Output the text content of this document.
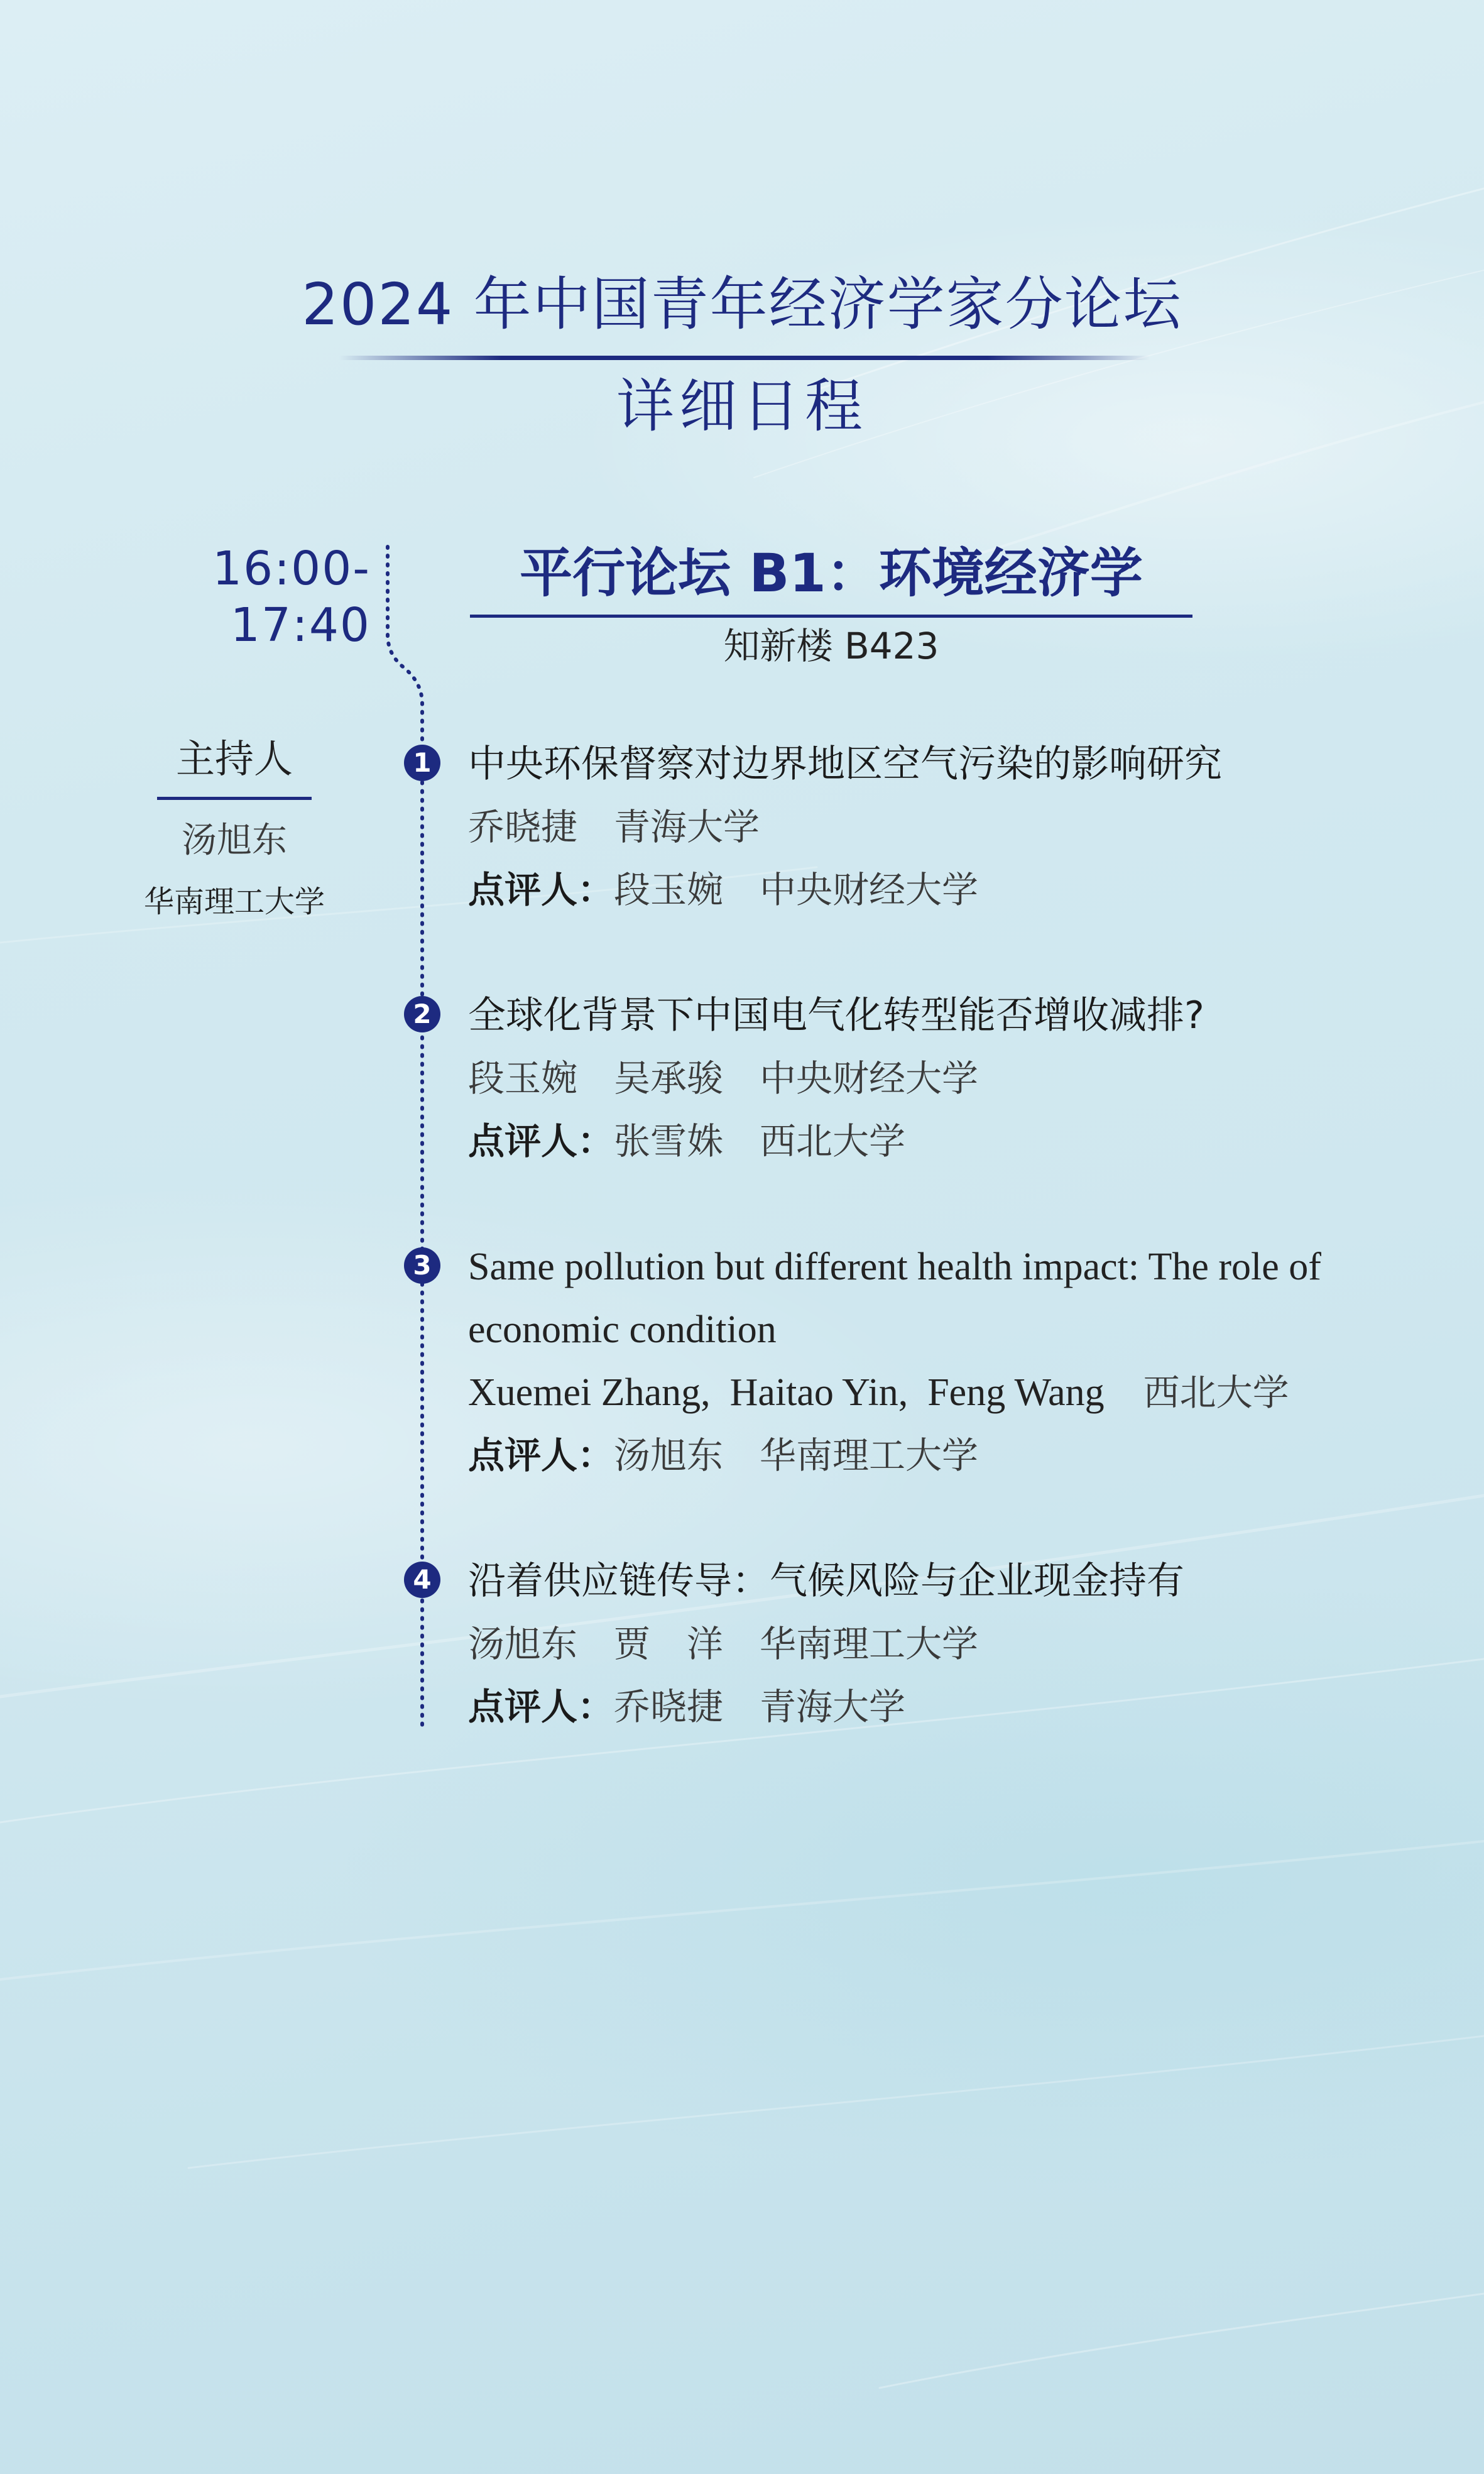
2024 年中国青年经济学家分论坛
详细日程
16:00-17:40
平行论坛 B1：环境经济学
知新楼 B423
主持人
汤旭东
华南理工大学
1 中央环保督察对边界地区空气污染的影响研究
乔晓捷　青海大学
点评人：段玉婉　中央财经大学
2 全球化背景下中国电气化转型能否增收减排?
段玉婉　吴承骏　中央财经大学
点评人：张雪姝　西北大学
3 Same pollution but different health impact: The role of
economic condition
Xuemei Zhang,  Haitao Yin,  Feng Wang 西北大学
点评人：汤旭东　华南理工大学
4 沿着供应链传导：气候风险与企业现金持有
汤旭东　贾　洋　华南理工大学
点评人：乔晓捷　青海大学
